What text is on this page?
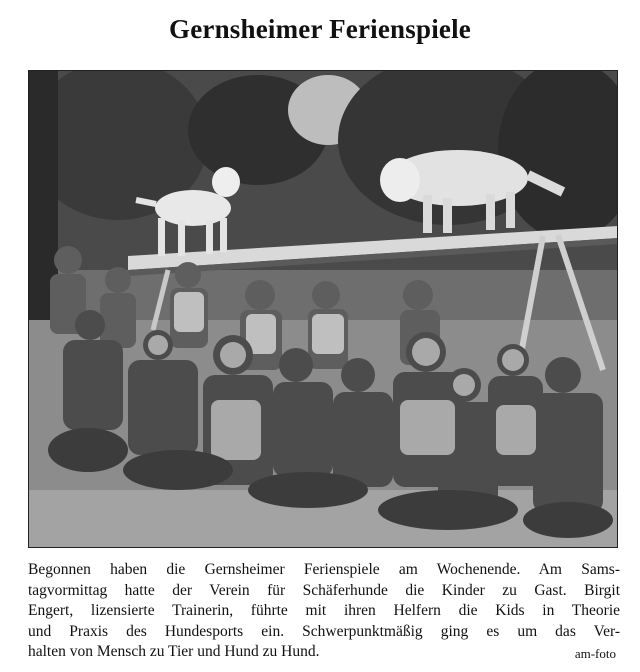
Gernsheimer Ferienspiele
Begonnen haben die Gernsheimer Ferienspiele am Wochenende. Am Sams-
tagvormittag hatte der Verein für Schäferhunde die Kinder zu Gast. Birgit
Engert, lizensierte Trainerin, führte mit ihren Helfern die Kids in Theorie
und Praxis des Hundesports ein. Schwerpunktmäßig ging es um das Ver-
halten von Mensch zu Tier und Hund zu Hund.	am-foto
